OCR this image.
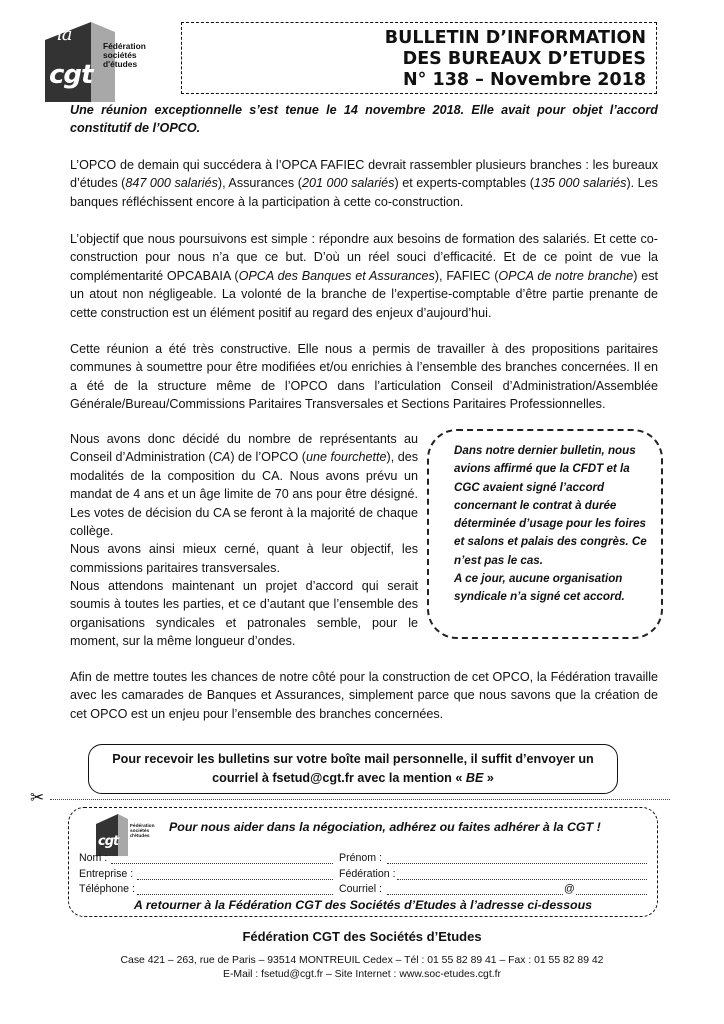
la
cgt
Fédération
sociétés
d'études
BULLETIN D’INFORMATION
DES BUREAUX D’ETUDES
N° 138 – Novembre 2018
Une réunion exceptionnelle s’est tenue le 14 novembre 2018. Elle avait pour objet l’accord constitutif de l’OPCO.
L’OPCO de demain qui succédera à l’OPCA FAFIEC devrait rassembler plusieurs branches : les bureaux d’études (847 000 salariés), Assurances (201 000 salariés) et experts-comptables (135 000 salariés). Les banques réfléchissent encore à la participation à cette co-construction.
L’objectif que nous poursuivons est simple : répondre aux besoins de formation des salariés. Et cette co-construction pour nous n’a que ce but. D’où un réel souci d’efficacité. Et de ce point de vue la complémentarité OPCABAIA (OPCA des Banques et Assurances), FAFIEC (OPCA de notre branche) est un atout non négligeable. La volonté de la branche de l’expertise-comptable d’être partie prenante de cette construction est un élément positif au regard des enjeux d’aujourd’hui.
Cette réunion a été très constructive. Elle nous a permis de travailler à des propositions paritaires communes à soumettre pour être modifiées et/ou enrichies à l’ensemble des branches concernées. Il en a été de la structure même de l’OPCO dans l’articulation Conseil d’Administration/Assemblée Générale/Bureau/Commissions Paritaires Transversales et Sections Paritaires Professionnelles.
Nous avons donc décidé du nombre de représentants au Conseil d’Administration (CA) de l’OPCO (une fourchette), des modalités de la composition du CA. Nous avons prévu un mandat de 4 ans et un âge limite de 70 ans pour être désigné. Les votes de décision du CA se feront à la majorité de chaque collège.
Nous avons ainsi mieux cerné, quant à leur objectif, les commissions paritaires transversales.
Nous attendons maintenant un projet d’accord qui serait soumis à toutes les parties, et ce d’autant que l’ensemble des organisations syndicales et patronales semble, pour le moment, sur la même longueur d’ondes.
Dans notre dernier bulletin, nous avions affirmé que la CFDT et la CGC avaient signé l’accord concernant le contrat à durée déterminée d’usage pour les foires et salons et palais des congrès. Ce n’est pas le cas.
A ce jour, aucune organisation syndicale n’a signé cet accord.
Afin de mettre toutes les chances de notre côté pour la construction de cet OPCO, la Fédération travaille avec les camarades de Banques et Assurances, simplement parce que nous savons que la création de cet OPCO est un enjeu pour l’ensemble des branches concernées.
Pour recevoir les bulletins sur votre boîte mail personnelle, il suffit d’envoyer un courriel à fsetud@cgt.fr avec la mention « BE »
✂
cgt
Fédération
sociétés
d'études
Pour nous aider dans la négociation, adhérez ou faites adhérer à la CGT !
Nom :	Prénom :
Entreprise :	Fédération :
Téléphone :	Courriel :	@
A retourner à la Fédération CGT des Sociétés d’Etudes à l’adresse ci-dessous
Fédération CGT des Sociétés d’Etudes
Case 421 – 263, rue de Paris – 93514 MONTREUIL Cedex – Tél : 01 55 82 89 41 – Fax : 01 55 82 89 42
E-Mail : fsetud@cgt.fr – Site Internet : www.soc-etudes.cgt.fr
